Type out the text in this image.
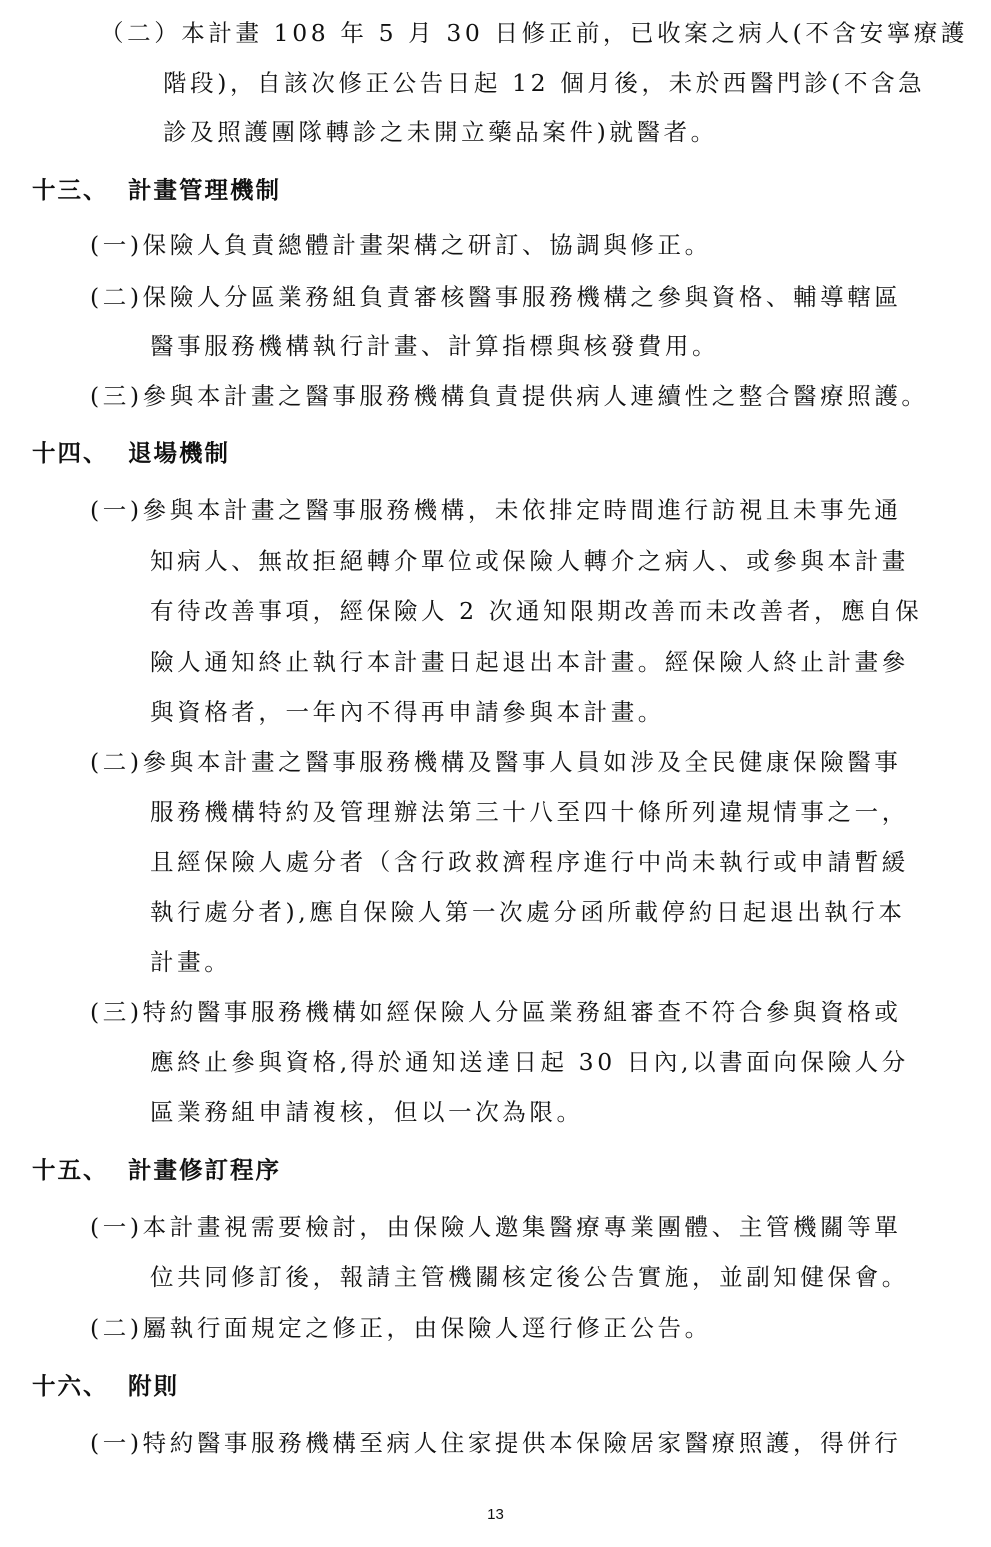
（二）本計畫 108 年 5 月 30 日修正前，已收案之病人(不含安寧療護
階段)，自該次修正公告日起 12 個月後，未於西醫門診(不含急
診及照護團隊轉診之未開立藥品案件)就醫者。
十三、 計畫管理機制
(一)保險人負責總體計畫架構之研訂、協調與修正。
(二)保險人分區業務組負責審核醫事服務機構之參與資格、輔導轄區
醫事服務機構執行計畫、計算指標與核發費用。
(三)參與本計畫之醫事服務機構負責提供病人連續性之整合醫療照護。
十四、 退場機制
(一)參與本計畫之醫事服務機構，未依排定時間進行訪視且未事先通
知病人、無故拒絕轉介單位或保險人轉介之病人、或參與本計畫
有待改善事項，經保險人 2 次通知限期改善而未改善者，應自保
險人通知終止執行本計畫日起退出本計畫。經保險人終止計畫參
與資格者，一年內不得再申請參與本計畫。
(二)參與本計畫之醫事服務機構及醫事人員如涉及全民健康保險醫事
服務機構特約及管理辦法第三十八至四十條所列違規情事之一，
且經保險人處分者（含行政救濟程序進行中尚未執行或申請暫緩
執行處分者),應自保險人第一次處分函所載停約日起退出執行本
計畫。
(三)特約醫事服務機構如經保險人分區業務組審查不符合參與資格或
應終止參與資格,得於通知送達日起 30 日內,以書面向保險人分
區業務組申請複核，但以一次為限。
十五、 計畫修訂程序
(一)本計畫視需要檢討，由保險人邀集醫療專業團體、主管機關等單
位共同修訂後，報請主管機關核定後公告實施，並副知健保會。
(二)屬執行面規定之修正，由保險人逕行修正公告。
十六、 附則
(一)特約醫事服務機構至病人住家提供本保險居家醫療照護，得併行
13
